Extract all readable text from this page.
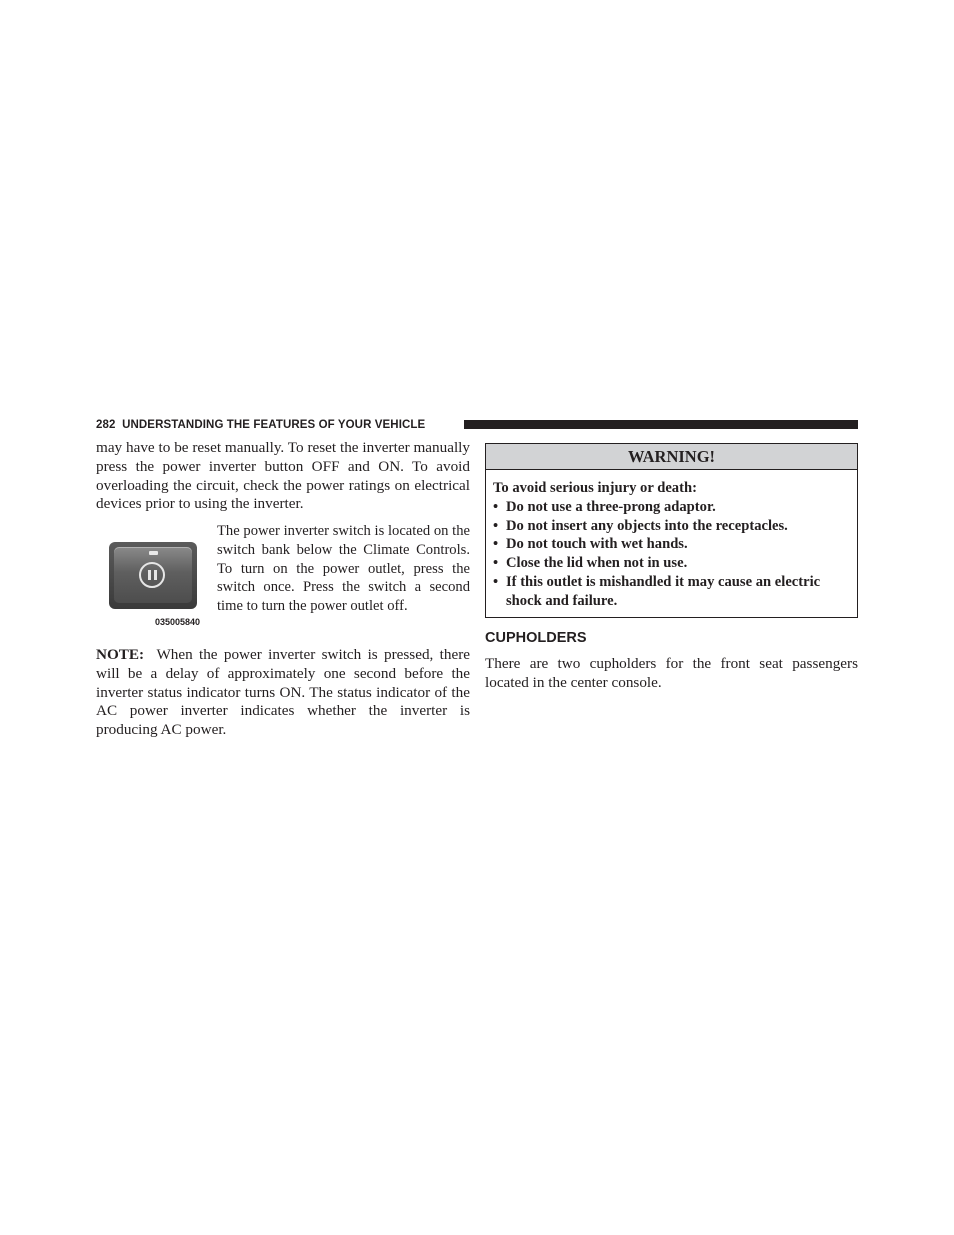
282 UNDERSTANDING THE FEATURES OF YOUR VEHICLE

may have to be reset manually. To reset the inverter manually press the power inverter button OFF and ON. To avoid overloading the circuit, check the power ratings on electrical devices prior to using the inverter.

035005840

The power inverter switch is located on the switch bank below the Climate Controls. To turn on the power outlet, press the switch once. Press the switch a second time to turn the power outlet off.

NOTE: When the power inverter switch is pressed, there will be a delay of approximately one second before the inverter status indicator turns ON. The status indicator of the AC power inverter indicates whether the inverter is producing AC power.

WARNING!

To avoid serious injury or death:

• Do not use a three-prong adaptor.
• Do not insert any objects into the receptacles.
• Do not touch with wet hands.
• Close the lid when not in use.
• If this outlet is mishandled it may cause an electric shock and failure.
CUPHOLDERS

There are two cupholders for the front seat passengers located in the center console.
